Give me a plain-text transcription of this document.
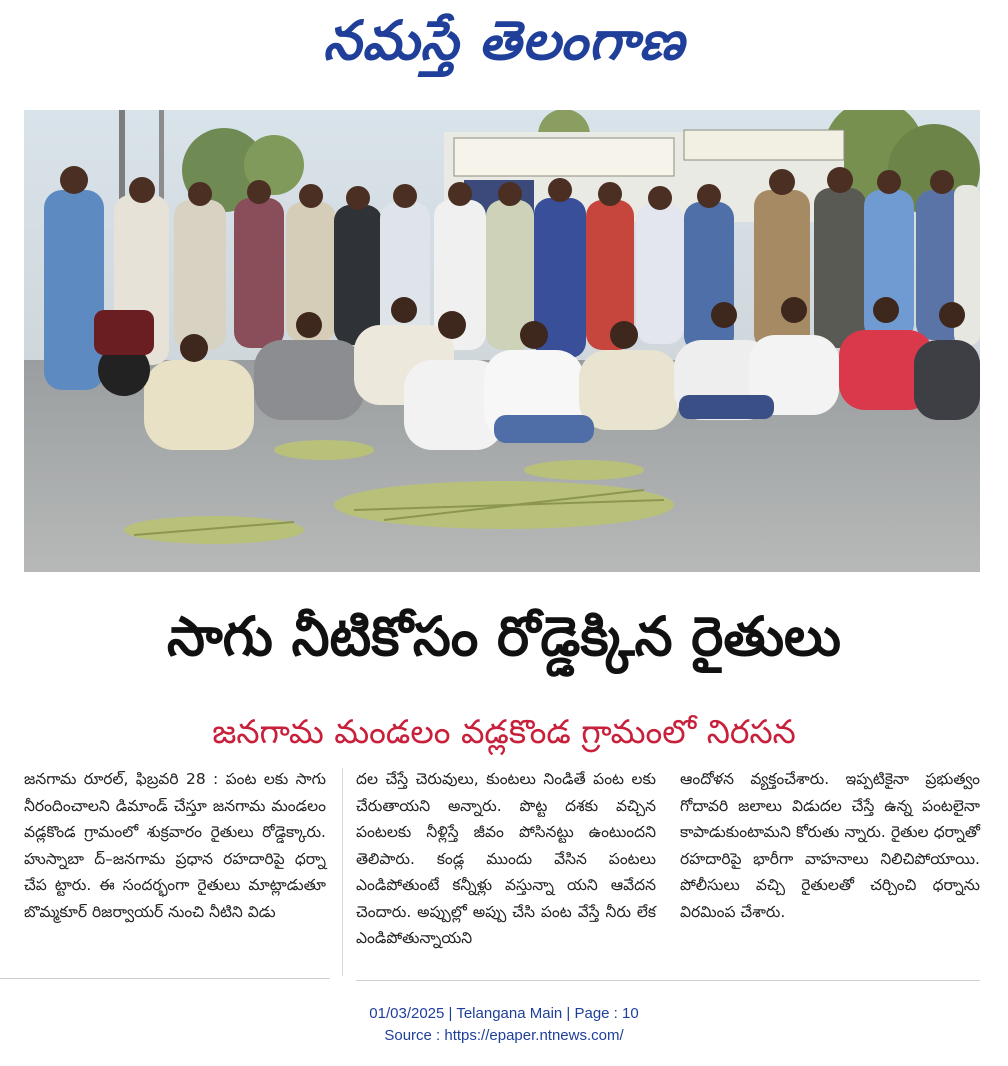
నమస్తే తెలంగాణ
సాగు నీటికోసం రోడ్డెక్కిన రైతులు
జనగామ మండలం వడ్లకొండ గ్రామంలో నిరసన

జనగామ రూరల్, ఫిబ్రవరి 28 : పంట లకు సాగు నీరందించాలని డిమాండ్ చేస్తూ జనగామ మండలం వడ్లకొండ గ్రామంలో శుక్రవారం రైతులు రోడ్డెక్కారు. హుస్నాబా ద్–జనగామ ప్రధాన రహదారిపై ధర్నా చేప ట్టారు. ఈ సందర్భంగా రైతులు మాట్లాడుతూ బొమ్మకూర్ రిజర్వాయర్ నుంచి నీటిని విడు

దల చేస్తే చెరువులు, కుంటలు నిండితే పంట లకు చేరుతాయని అన్నారు. పొట్ట దశకు వచ్చిన పంటలకు నీళ్లిస్తే జీవం పోసినట్టు ఉంటుందని తెలిపారు. కండ్ల ముందు వేసిన పంటలు ఎండిపోతుంటే కన్నీళ్లు వస్తున్నా యని ఆవేదన చెందారు. అప్పుల్లో అప్పు చేసి పంట వేస్తే నీరు లేక ఎండిపోతున్నాయని

ఆందోళన వ్యక్తంచేశారు. ఇప్పటికైనా ప్రభుత్వం గోదావరి జలాలు విడుదల చేస్తే ఉన్న పంటలైనా కాపాడుకుంటామని కోరుతు న్నారు. రైతుల ధర్నాతో రహదారిపై భారీగా వాహనాలు నిలిచిపోయాయి. పోలీసులు వచ్చి రైతులతో చర్చించి ధర్నాను విరమింప చేశారు.

01/03/2025 | Telangana Main | Page : 10
Source : https://epaper.ntnews.com/
